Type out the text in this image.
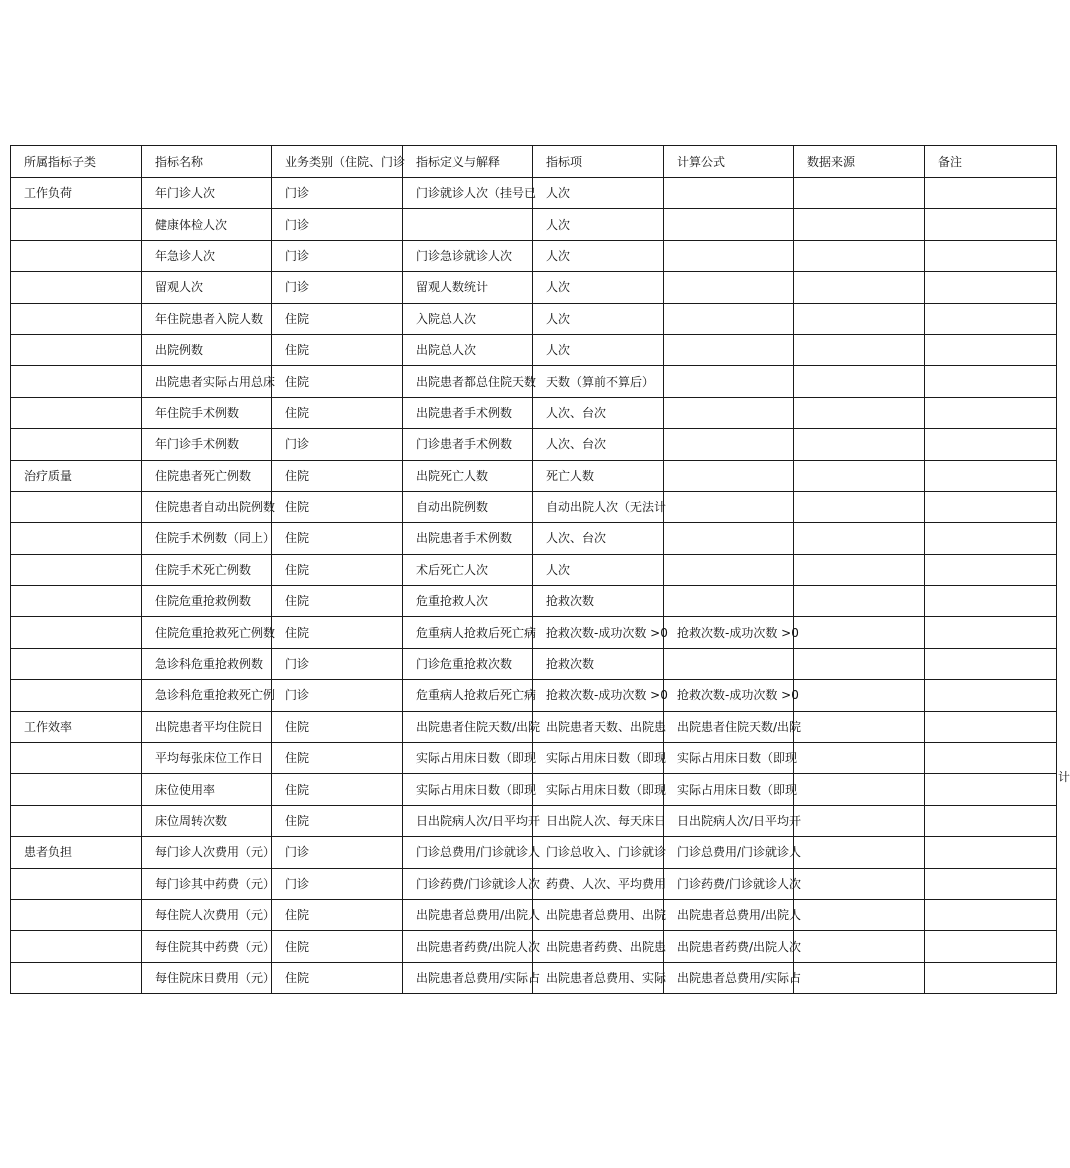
所属指标子类	指标名称	业务类别（住院、门诊	指标定义与解释	指标项	计算公式	数据来源	备注
工作负荷	年门诊人次	门诊	门诊就诊人次（挂号已	人次			
	健康体检人次	门诊		人次			
	年急诊人次	门诊	门诊急诊就诊人次	人次			
	留观人次	门诊	留观人数统计	人次			
	年住院患者入院人数	住院	入院总人次	人次			
	出院例数	住院	出院总人次	人次			
	出院患者实际占用总床	住院	出院患者都总住院天数	天数（算前不算后）			
	年住院手术例数	住院	出院患者手术例数	人次、台次			
	年门诊手术例数	门诊	门诊患者手术例数	人次、台次			
治疗质量	住院患者死亡例数	住院	出院死亡人数	死亡人数			
	住院患者自动出院例数	住院	自动出院例数	自动出院人次（无法计			
	住院手术例数（同上）	住院	出院患者手术例数	人次、台次			
	住院手术死亡例数	住院	术后死亡人次	人次			
	住院危重抢救例数	住院	危重抢救人次	抢救次数			
	住院危重抢救死亡例数	住院	危重病人抢救后死亡病	抢救次数-成功次数 >0	抢救次数-成功次数 >0		
	急诊科危重抢救例数	门诊	门诊危重抢救次数	抢救次数			
	急诊科危重抢救死亡例	门诊	危重病人抢救后死亡病	抢救次数-成功次数 >0	抢救次数-成功次数 >0		
工作效率	出院患者平均住院日	住院	出院患者住院天数/出院	出院患者天数、出院患	出院患者住院天数/出院		
	平均每张床位工作日	住院	实际占用床日数（即现	实际占用床日数（即现	实际占用床日数（即现		
	床位使用率	住院	实际占用床日数（即现	实际占用床日数（即现	实际占用床日数（即现		
	床位周转次数	住院	日出院病人次/日平均开	日出院人次、每天床日	日出院病人次/日平均开		
患者负担	每门诊人次费用（元）	门诊	门诊总费用/门诊就诊人	门诊总收入、门诊就诊	门诊总费用/门诊就诊人		
	每门诊其中药费（元）	门诊	门诊药费/门诊就诊人次	药费、人次、平均费用	门诊药费/门诊就诊人次		
	每住院人次费用（元）	住院	出院患者总费用/出院人	出院患者总费用、出院	出院患者总费用/出院人		
	每住院其中药费（元）	住院	出院患者药费/出院人次	出院患者药费、出院患	出院患者药费/出院人次		
	每住院床日费用（元）	住院	出院患者总费用/实际占	出院患者总费用、实际	出院患者总费用/实际占		
计
